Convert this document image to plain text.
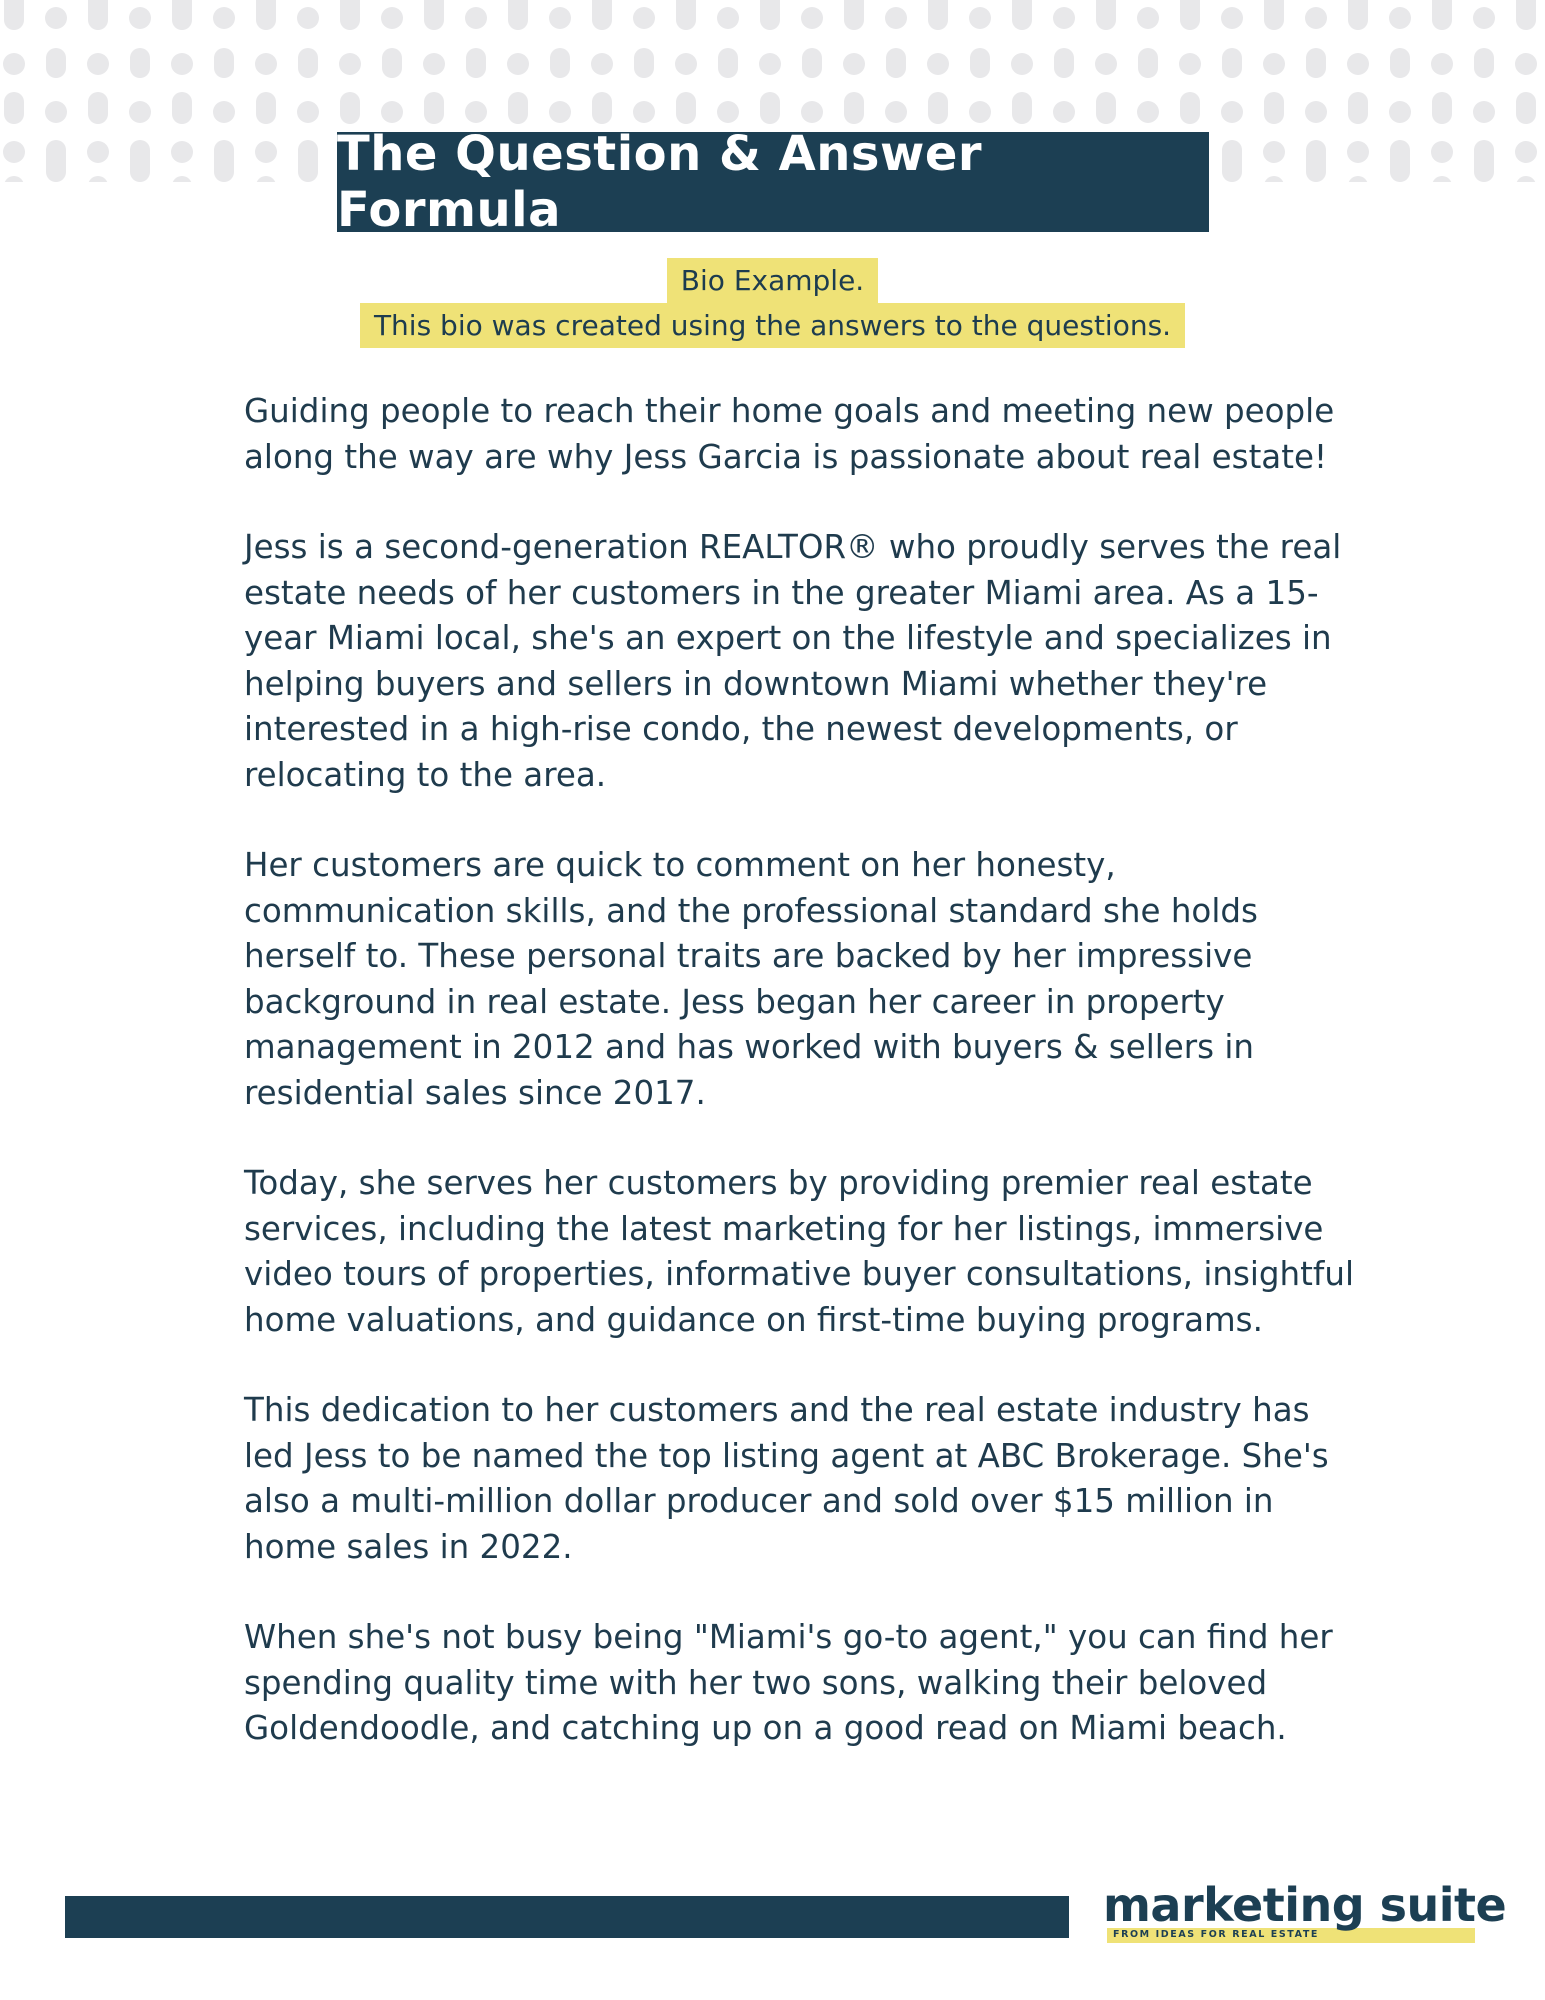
The Question & Answer Formula
Bio Example.
This bio was created using the answers to the questions.

Guiding people to reach their home goals and meeting new people along the way are why Jess Garcia is passionate about real estate!

Jess is a second-generation REALTOR® who proudly serves the real estate needs of her customers in the greater Miami area. As a 15-year Miami local, she's an expert on the lifestyle and specializes in helping buyers and sellers in downtown Miami whether they're interested in a high-rise condo, the newest developments, or relocating to the area.

Her customers are quick to comment on her honesty, communication skills, and the professional standard she holds herself to. These personal traits are backed by her impressive background in real estate. Jess began her career in property management in 2012 and has worked with buyers & sellers in residential sales since 2017.

Today, she serves her customers by providing premier real estate services, including the latest marketing for her listings, immersive video tours of properties, informative buyer consultations, insightful home valuations, and guidance on first-time buying programs.

This dedication to her customers and the real estate industry has led Jess to be named the top listing agent at ABC Brokerage. She's also a multi-million dollar producer and sold over $15 million in home sales in 2022.

When she's not busy being "Miami's go-to agent," you can find her spending quality time with her two sons, walking their beloved Goldendoodle, and catching up on a good read on Miami beach.

FROM IDEAS FOR REAL ESTATE
marketing suite
